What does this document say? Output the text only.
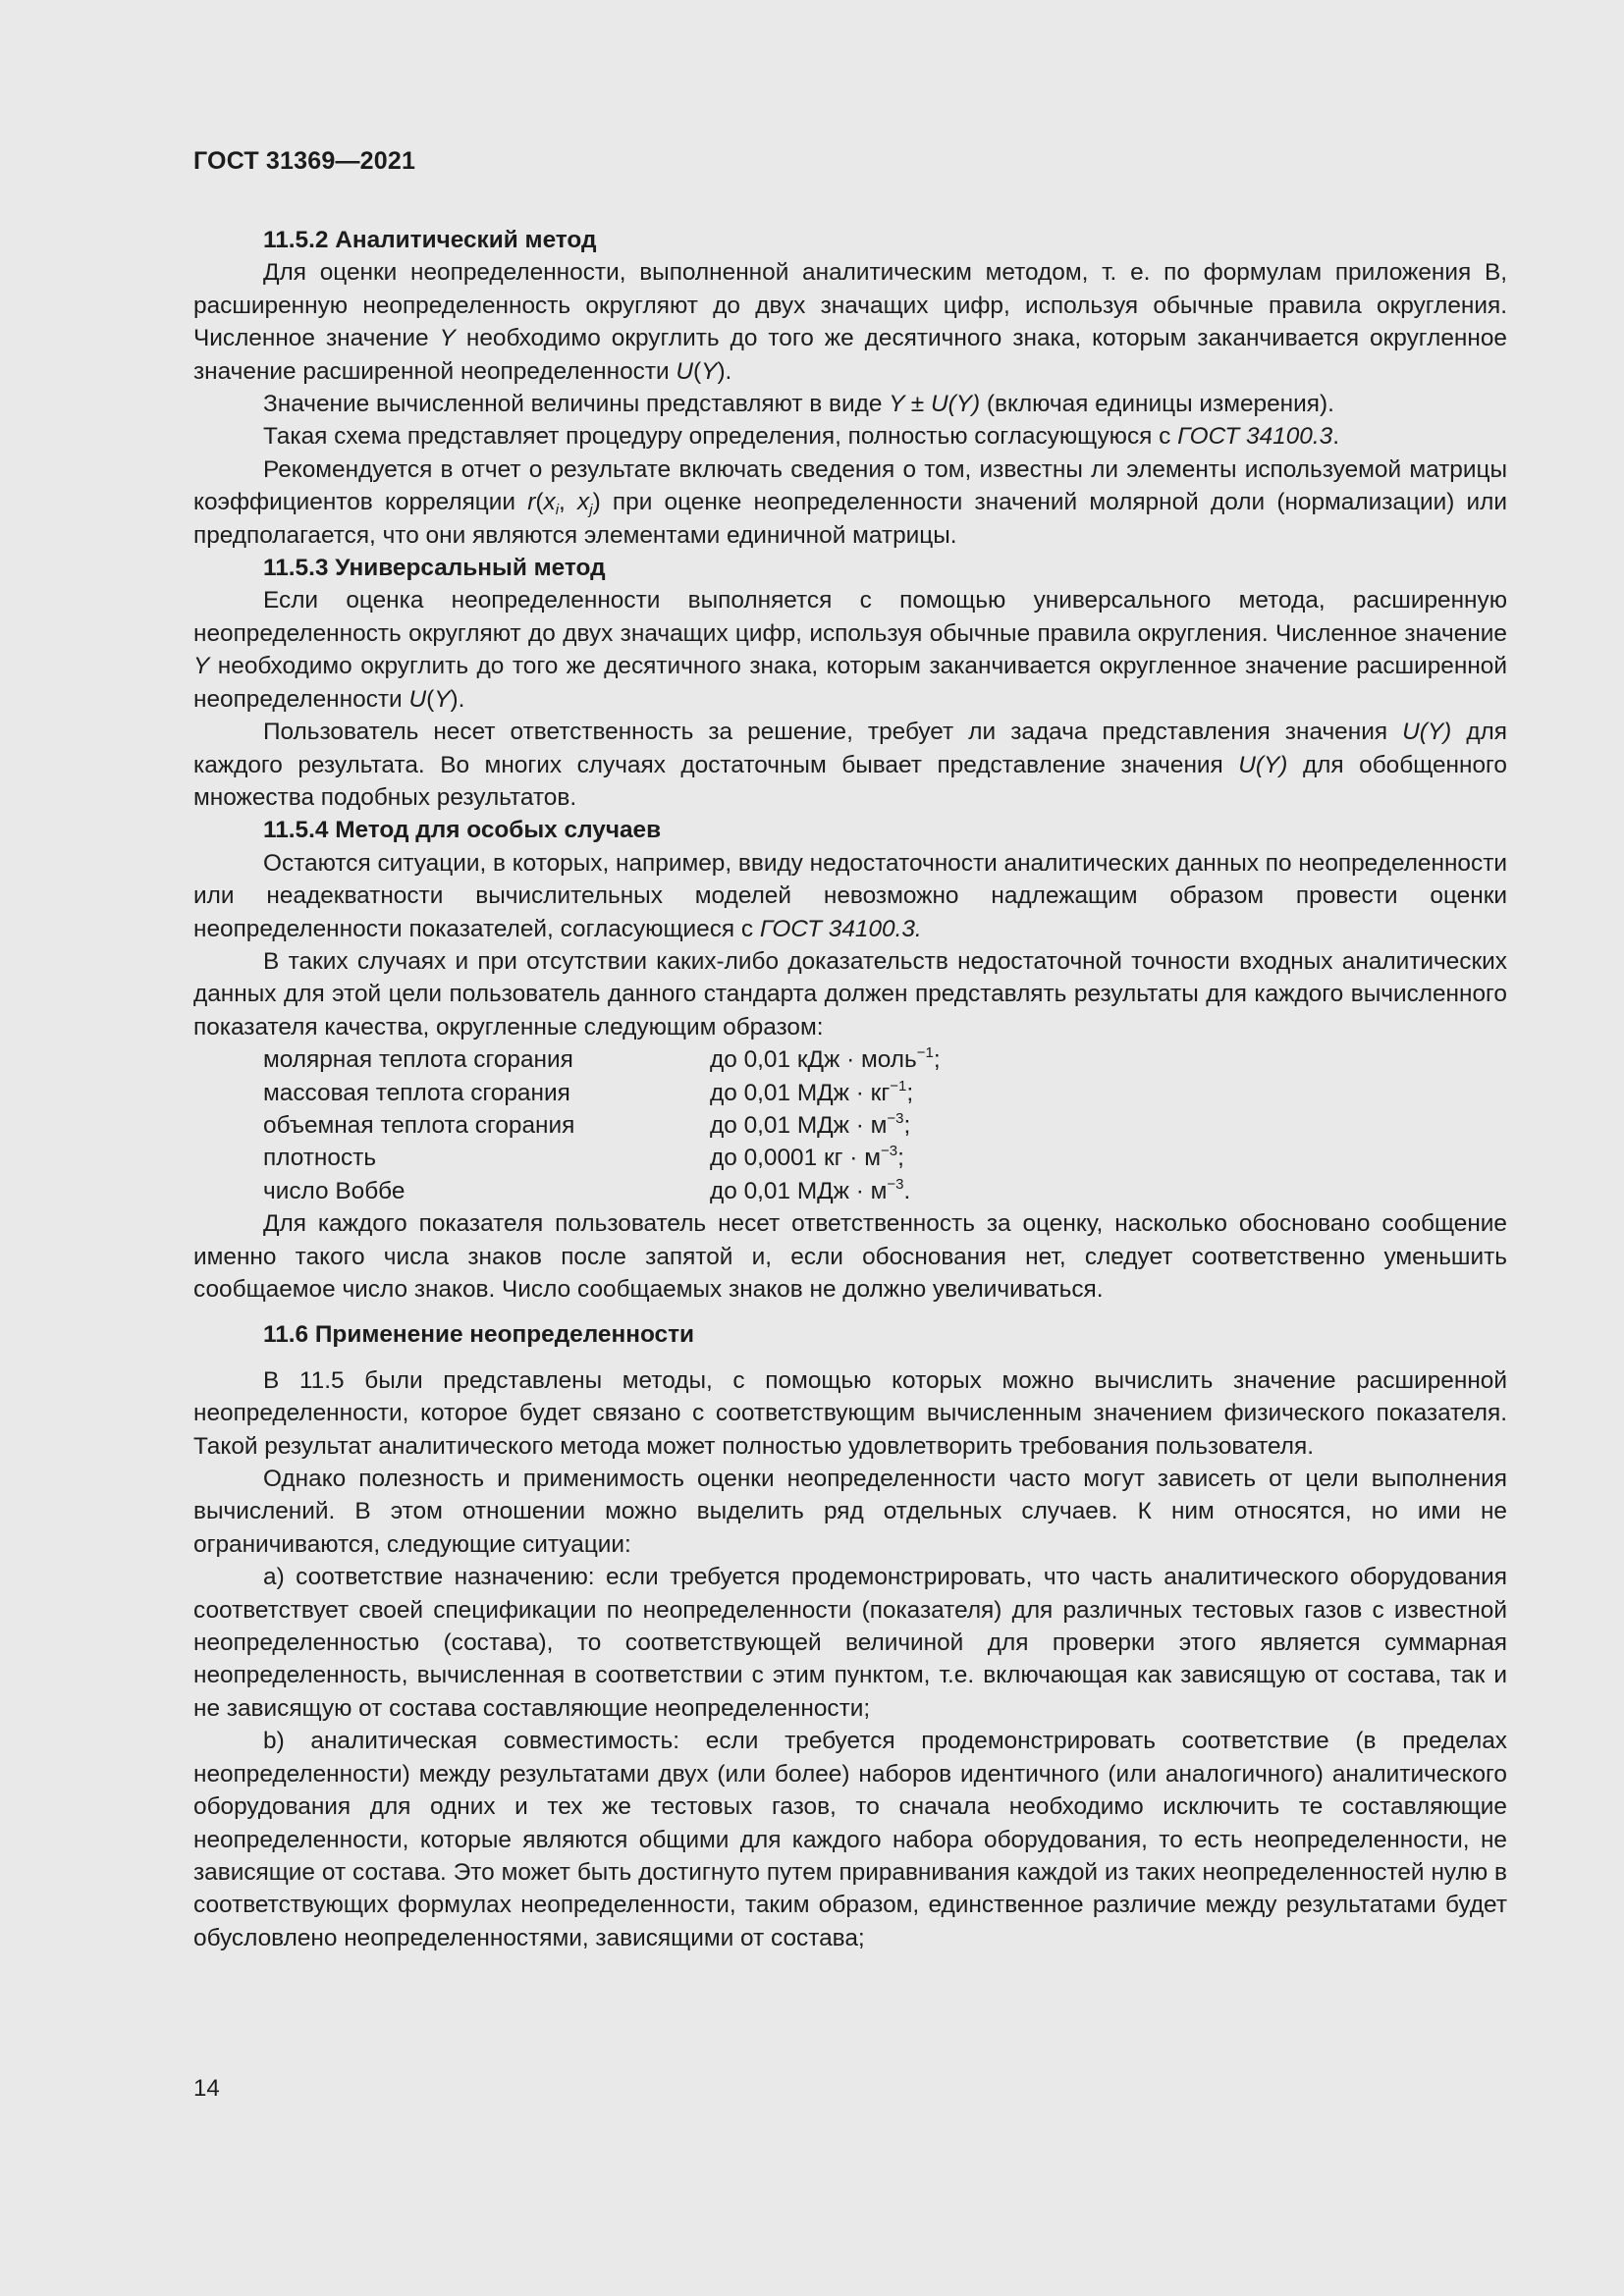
ГОСТ 31369—2021

11.5.2 Аналитический метод

Для оценки неопределенности, выполненной аналитическим методом, т. е. по формулам приложения В, расширенную неопределенность округляют до двух значащих цифр, используя обычные правила округления. Численное значение Y необходимо округлить до того же десятичного знака, которым заканчивается округленное значение расширенной неопределенности U(Y).

Значение вычисленной величины представляют в виде Y ± U(Y) (включая единицы измерения).

Такая схема представляет процедуру определения, полностью согласующуюся с ГОСТ 34100.3.

Рекомендуется в отчет о результате включать сведения о том, известны ли элементы используемой матрицы коэффициентов корреляции $r(x_i$, $x_j$) при оценке неопределенности значений молярной доли (нормализации) или предполагается, что они являются элементами единичной матрицы.

11.5.3 Универсальный метод

Если оценка неопределенности выполняется с помощью универсального метода, расширенную неопределенность округляют до двух значащих цифр, используя обычные правила округления. Численное значение Y необходимо округлить до того же десятичного знака, которым заканчивается округленное значение расширенной неопределенности U(Y).

Пользователь несет ответственность за решение, требует ли задача представления значения U(Y) для каждого результата. Во многих случаях достаточным бывает представление значения U(Y) для обобщенного множества подобных результатов.

11.5.4 Метод для особых случаев

Остаются ситуации, в которых, например, ввиду недостаточности аналитических данных по неопределенности или неадекватности вычислительных моделей невозможно надлежащим образом провести оценки неопределенности показателей, согласующиеся с ГОСТ 34100.3.

В таких случаях и при отсутствии каких-либо доказательств недостаточной точности входных аналитических данных для этой цели пользователь данного стандарта должен представлять результаты для каждого вычисленного показателя качества, округленные следующим образом:

молярная теплота сгорания	до 0,01 кДж · моль$^{-1}$;
массовая теплота сгорания	до 0,01 МДж · $кг^{-1}$;
объемная теплота сгорания	до 0,01 МДж · $м^{-3}$;
плотность	до 0,0001 кг · $м^{-3}$;
число Воббе	до 0,01 МДж · $м^{-3}$.

Для каждого показателя пользователь несет ответственность за оценку, насколько обосновано сообщение именно такого числа знаков после запятой и, если обоснования нет, следует соответственно уменьшить сообщаемое число знаков. Число сообщаемых знаков не должно увеличиваться.

11.6 Применение неопределенности

В 11.5 были представлены методы, с помощью которых можно вычислить значение расширенной неопределенности, которое будет связано с соответствующим вычисленным значением физического показателя. Такой результат аналитического метода может полностью удовлетворить требования пользователя.

Однако полезность и применимость оценки неопределенности часто могут зависеть от цели выполнения вычислений. В этом отношении можно выделить ряд отдельных случаев. К ним относятся, но ими не ограничиваются, следующие ситуации:

а) соответствие назначению: если требуется продемонстрировать, что часть аналитического оборудования соответствует своей спецификации по неопределенности (показателя) для различных тестовых газов с известной неопределенностью (состава), то соответствующей величиной для проверки этого является суммарная неопределенность, вычисленная в соответствии с этим пунктом, т.е. включающая как зависящую от состава, так и не зависящую от состава составляющие неопределенности;

b) аналитическая совместимость: если требуется продемонстрировать соответствие (в пределах неопределенности) между результатами двух (или более) наборов идентичного (или аналогичного) аналитического оборудования для одних и тех же тестовых газов, то сначала необходимо исключить те составляющие неопределенности, которые являются общими для каждого набора оборудования, то есть неопределенности, не зависящие от состава. Это может быть достигнуто путем приравнивания каждой из таких неопределенностей нулю в соответствующих формулах неопределенности, таким образом, единственное различие между результатами будет обусловлено неопределенностями, зависящими от состава;

14
